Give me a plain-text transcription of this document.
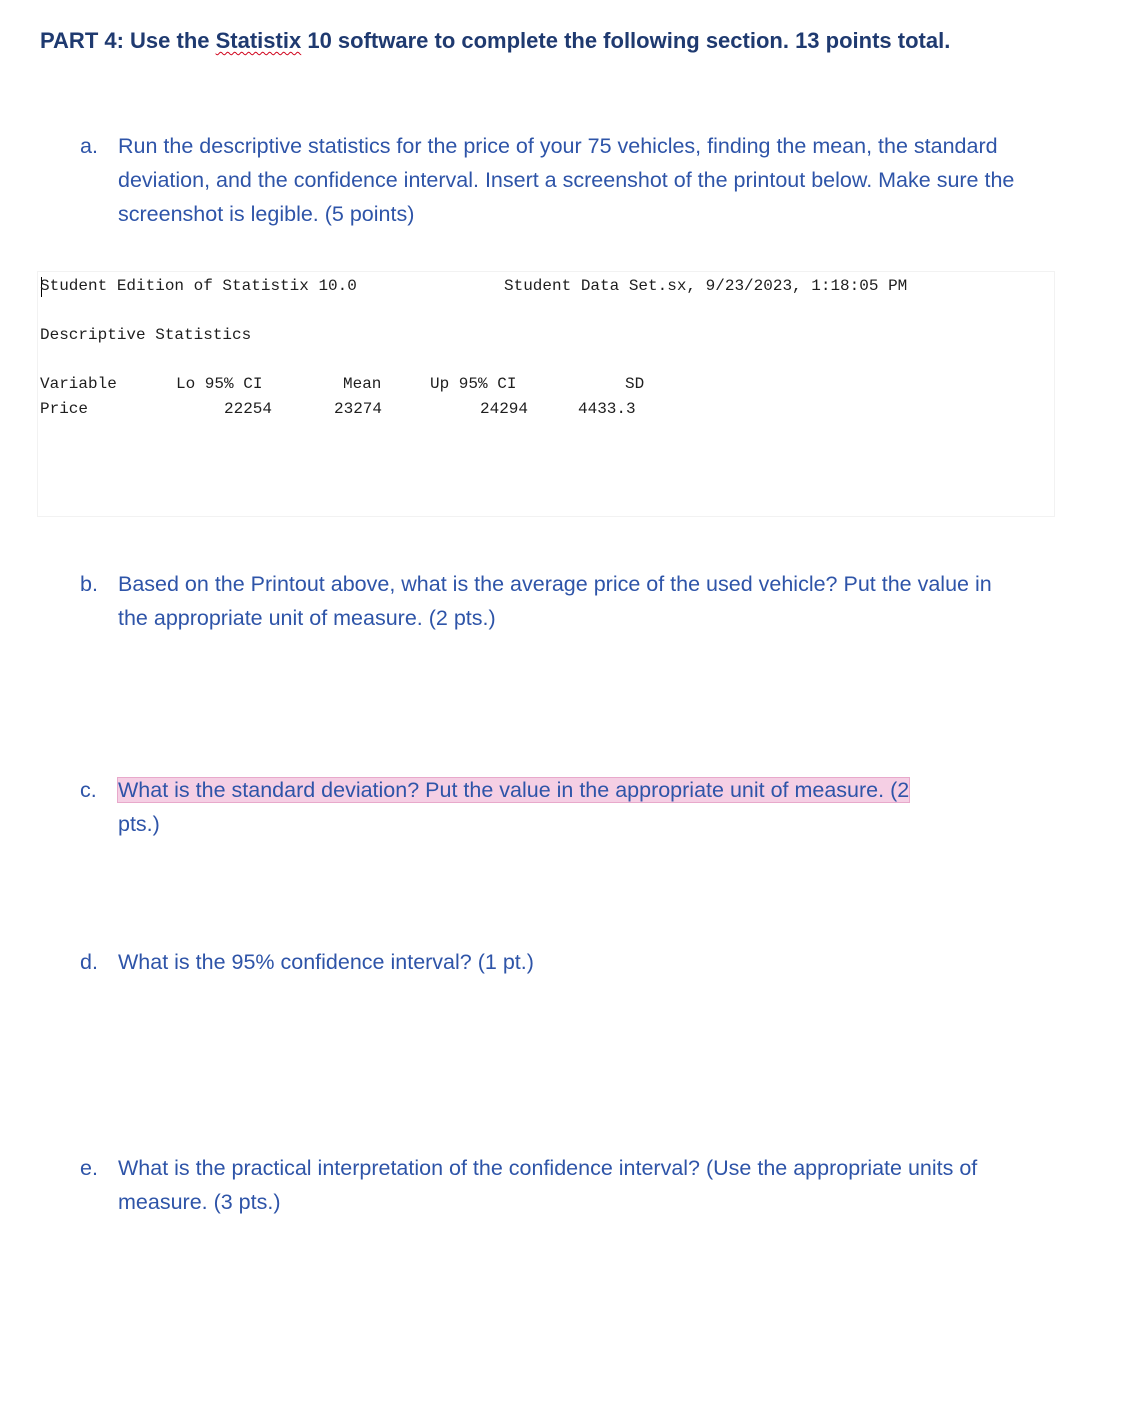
PART 4: Use the Statistix 10 software to complete the following section. 13 points total.
a. Run the descriptive statistics for the price of your 75 vehicles, finding the mean, the standard deviation, and the confidence interval. Insert a screenshot of the printout below. Make sure the screenshot is legible. (5 points)
Student Edition of Statistix 10.0	Student Data Set.sx, 9/23/2023, 1:18:05 PM
Descriptive Statistics
Variable	Lo 95% CI	Mean	Up 95% CI	SD
Price	22254	23274	24294	4433.3
b. Based on the Printout above, what is the average price of the used vehicle? Put the value in the appropriate unit of measure. (2 pts.)
c. What is the standard deviation? Put the value in the appropriate unit of measure. (2
pts.)
d. What is the 95% confidence interval? (1 pt.)
e. What is the practical interpretation of the confidence interval? (Use the appropriate units of measure. (3 pts.)
